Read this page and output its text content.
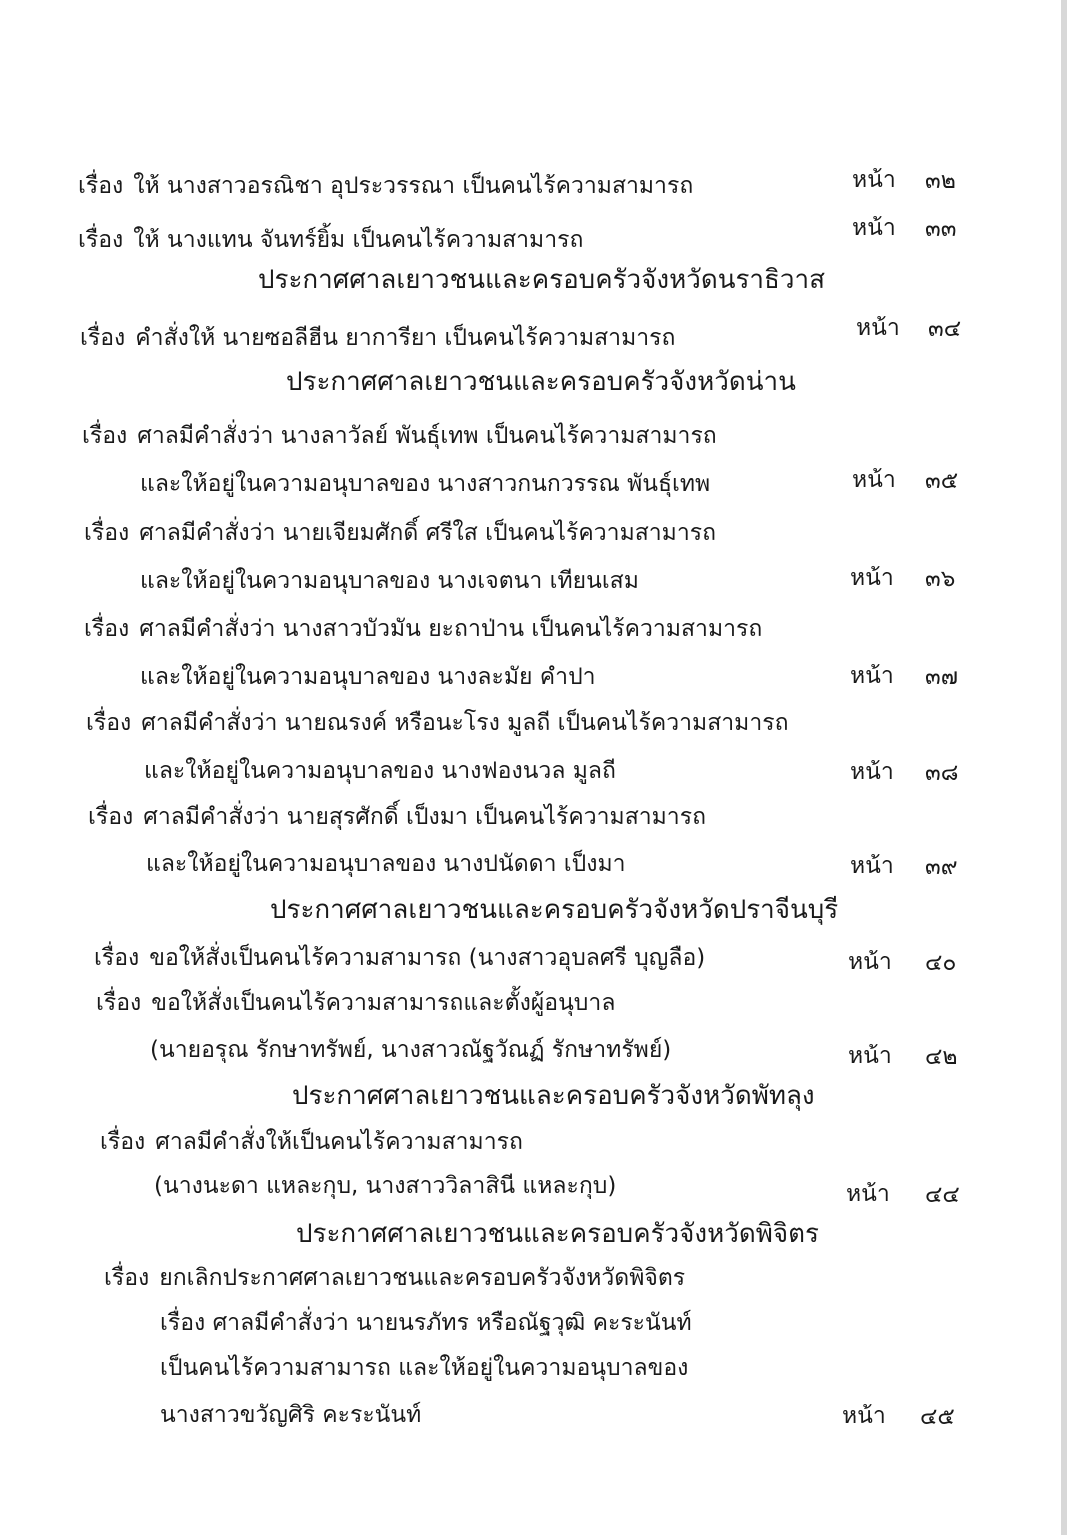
เรื่อง ให้ นางสาวอรณิชา อุประวรรณา เป็นคนไร้ความสามารถ	หน้า ๓๒
เรื่อง ให้ นางแทน จันทร์ยิ้ม เป็นคนไร้ความสามารถ	หน้า ๓๓
ประกาศศาลเยาวชนและครอบครัวจังหวัดนราธิวาส
เรื่อง คำสั่งให้ นายซอลีฮีน ยาการียา เป็นคนไร้ความสามารถ	หน้า ๓๔
ประกาศศาลเยาวชนและครอบครัวจังหวัดน่าน
เรื่อง ศาลมีคำสั่งว่า นางลาวัลย์ พันธุ์เทพ เป็นคนไร้ความสามารถ
และให้อยู่ในความอนุบาลของ นางสาวกนกวรรณ พันธุ์เทพ	หน้า ๓๕
เรื่อง ศาลมีคำสั่งว่า นายเจียมศักดิ์ ศรีใส เป็นคนไร้ความสามารถ
และให้อยู่ในความอนุบาลของ นางเจตนา เทียนเสม	หน้า ๓๖
เรื่อง ศาลมีคำสั่งว่า นางสาวบัวมัน ยะถาป่าน เป็นคนไร้ความสามารถ
และให้อยู่ในความอนุบาลของ นางละมัย คำปา	หน้า ๓๗
เรื่อง ศาลมีคำสั่งว่า นายณรงค์ หรือนะโรง มูลถี เป็นคนไร้ความสามารถ
และให้อยู่ในความอนุบาลของ นางฟองนวล มูลถี	หน้า ๓๘
เรื่อง ศาลมีคำสั่งว่า นายสุรศักดิ์ เป็งมา เป็นคนไร้ความสามารถ
และให้อยู่ในความอนุบาลของ นางปนัดดา เป็งมา	หน้า ๓๙
ประกาศศาลเยาวชนและครอบครัวจังหวัดปราจีนบุรี
เรื่อง ขอให้สั่งเป็นคนไร้ความสามารถ (นางสาวอุบลศรี บุญลือ)	หน้า ๔๐
เรื่อง ขอให้สั่งเป็นคนไร้ความสามารถและตั้งผู้อนุบาล
(นายอรุณ รักษาทรัพย์, นางสาวณัฐวัณฏ์ รักษาทรัพย์)	หน้า ๔๒
ประกาศศาลเยาวชนและครอบครัวจังหวัดพัทลุง
เรื่อง ศาลมีคำสั่งให้เป็นคนไร้ความสามารถ
(นางนะดา แหละกุบ, นางสาววิลาสินี แหละกุบ)	หน้า ๔๔
ประกาศศาลเยาวชนและครอบครัวจังหวัดพิจิตร
เรื่อง ยกเลิกประกาศศาลเยาวชนและครอบครัวจังหวัดพิจิตร
เรื่อง ศาลมีคำสั่งว่า นายนรภัทร หรือณัฐวุฒิ คะระนันท์
เป็นคนไร้ความสามารถ และให้อยู่ในความอนุบาลของ
นางสาวขวัญศิริ คะระนันท์	หน้า ๔๕
